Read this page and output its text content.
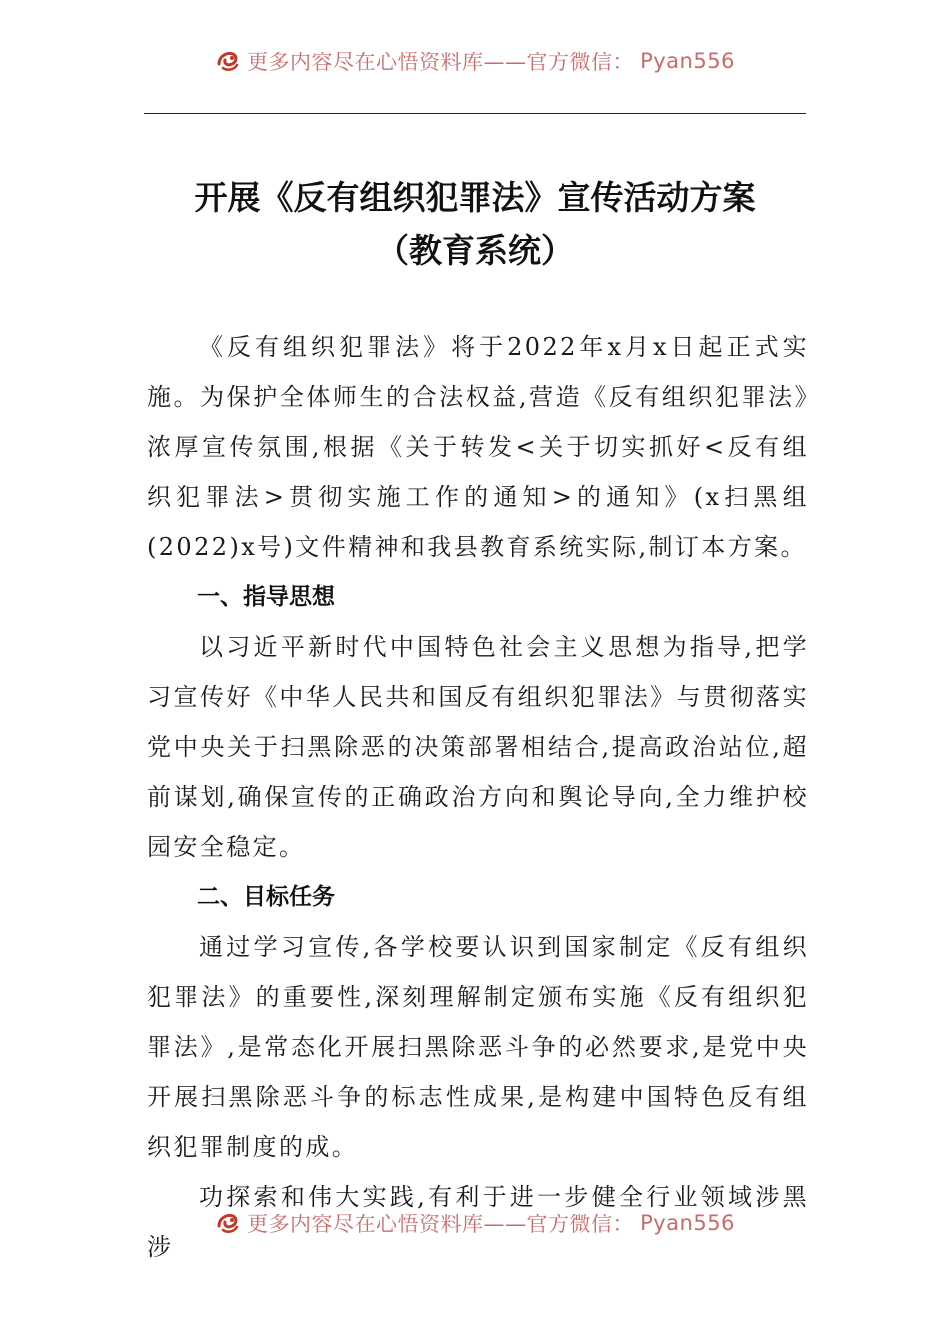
更多内容尽在心悟资料库——官方微信： Pyan556
开展《反有组织犯罪法》宣传活动方案
（教育系统）

《反有组织犯罪法》将于2022年x月x日起正式实施。为保护全体师生的合法权益,营造《反有组织犯罪法》浓厚宣传氛围,根据《关于转发<关于切实抓好<反有组织犯罪法>贯彻实施工作的通知>的通知》(x扫黑组(2022)x号)文件精神和我县教育系统实际,制订本方案。

一、指导思想

以习近平新时代中国特色社会主义思想为指导,把学习宣传好《中华人民共和国反有组织犯罪法》与贯彻落实党中央关于扫黑除恶的决策部署相结合,提高政治站位,超前谋划,确保宣传的正确政治方向和舆论导向,全力维护校园安全稳定。

二、目标任务

通过学习宣传,各学校要认识到国家制定《反有组织犯罪法》的重要性,深刻理解制定颁布实施《反有组织犯罪法》,是常态化开展扫黑除恶斗争的必然要求,是党中央开展扫黑除恶斗争的标志性成果,是构建中国特色反有组织犯罪制度的成。

功探索和伟大实践,有利于进一步健全行业领域涉黑涉

更多内容尽在心悟资料库——官方微信： Pyan556
